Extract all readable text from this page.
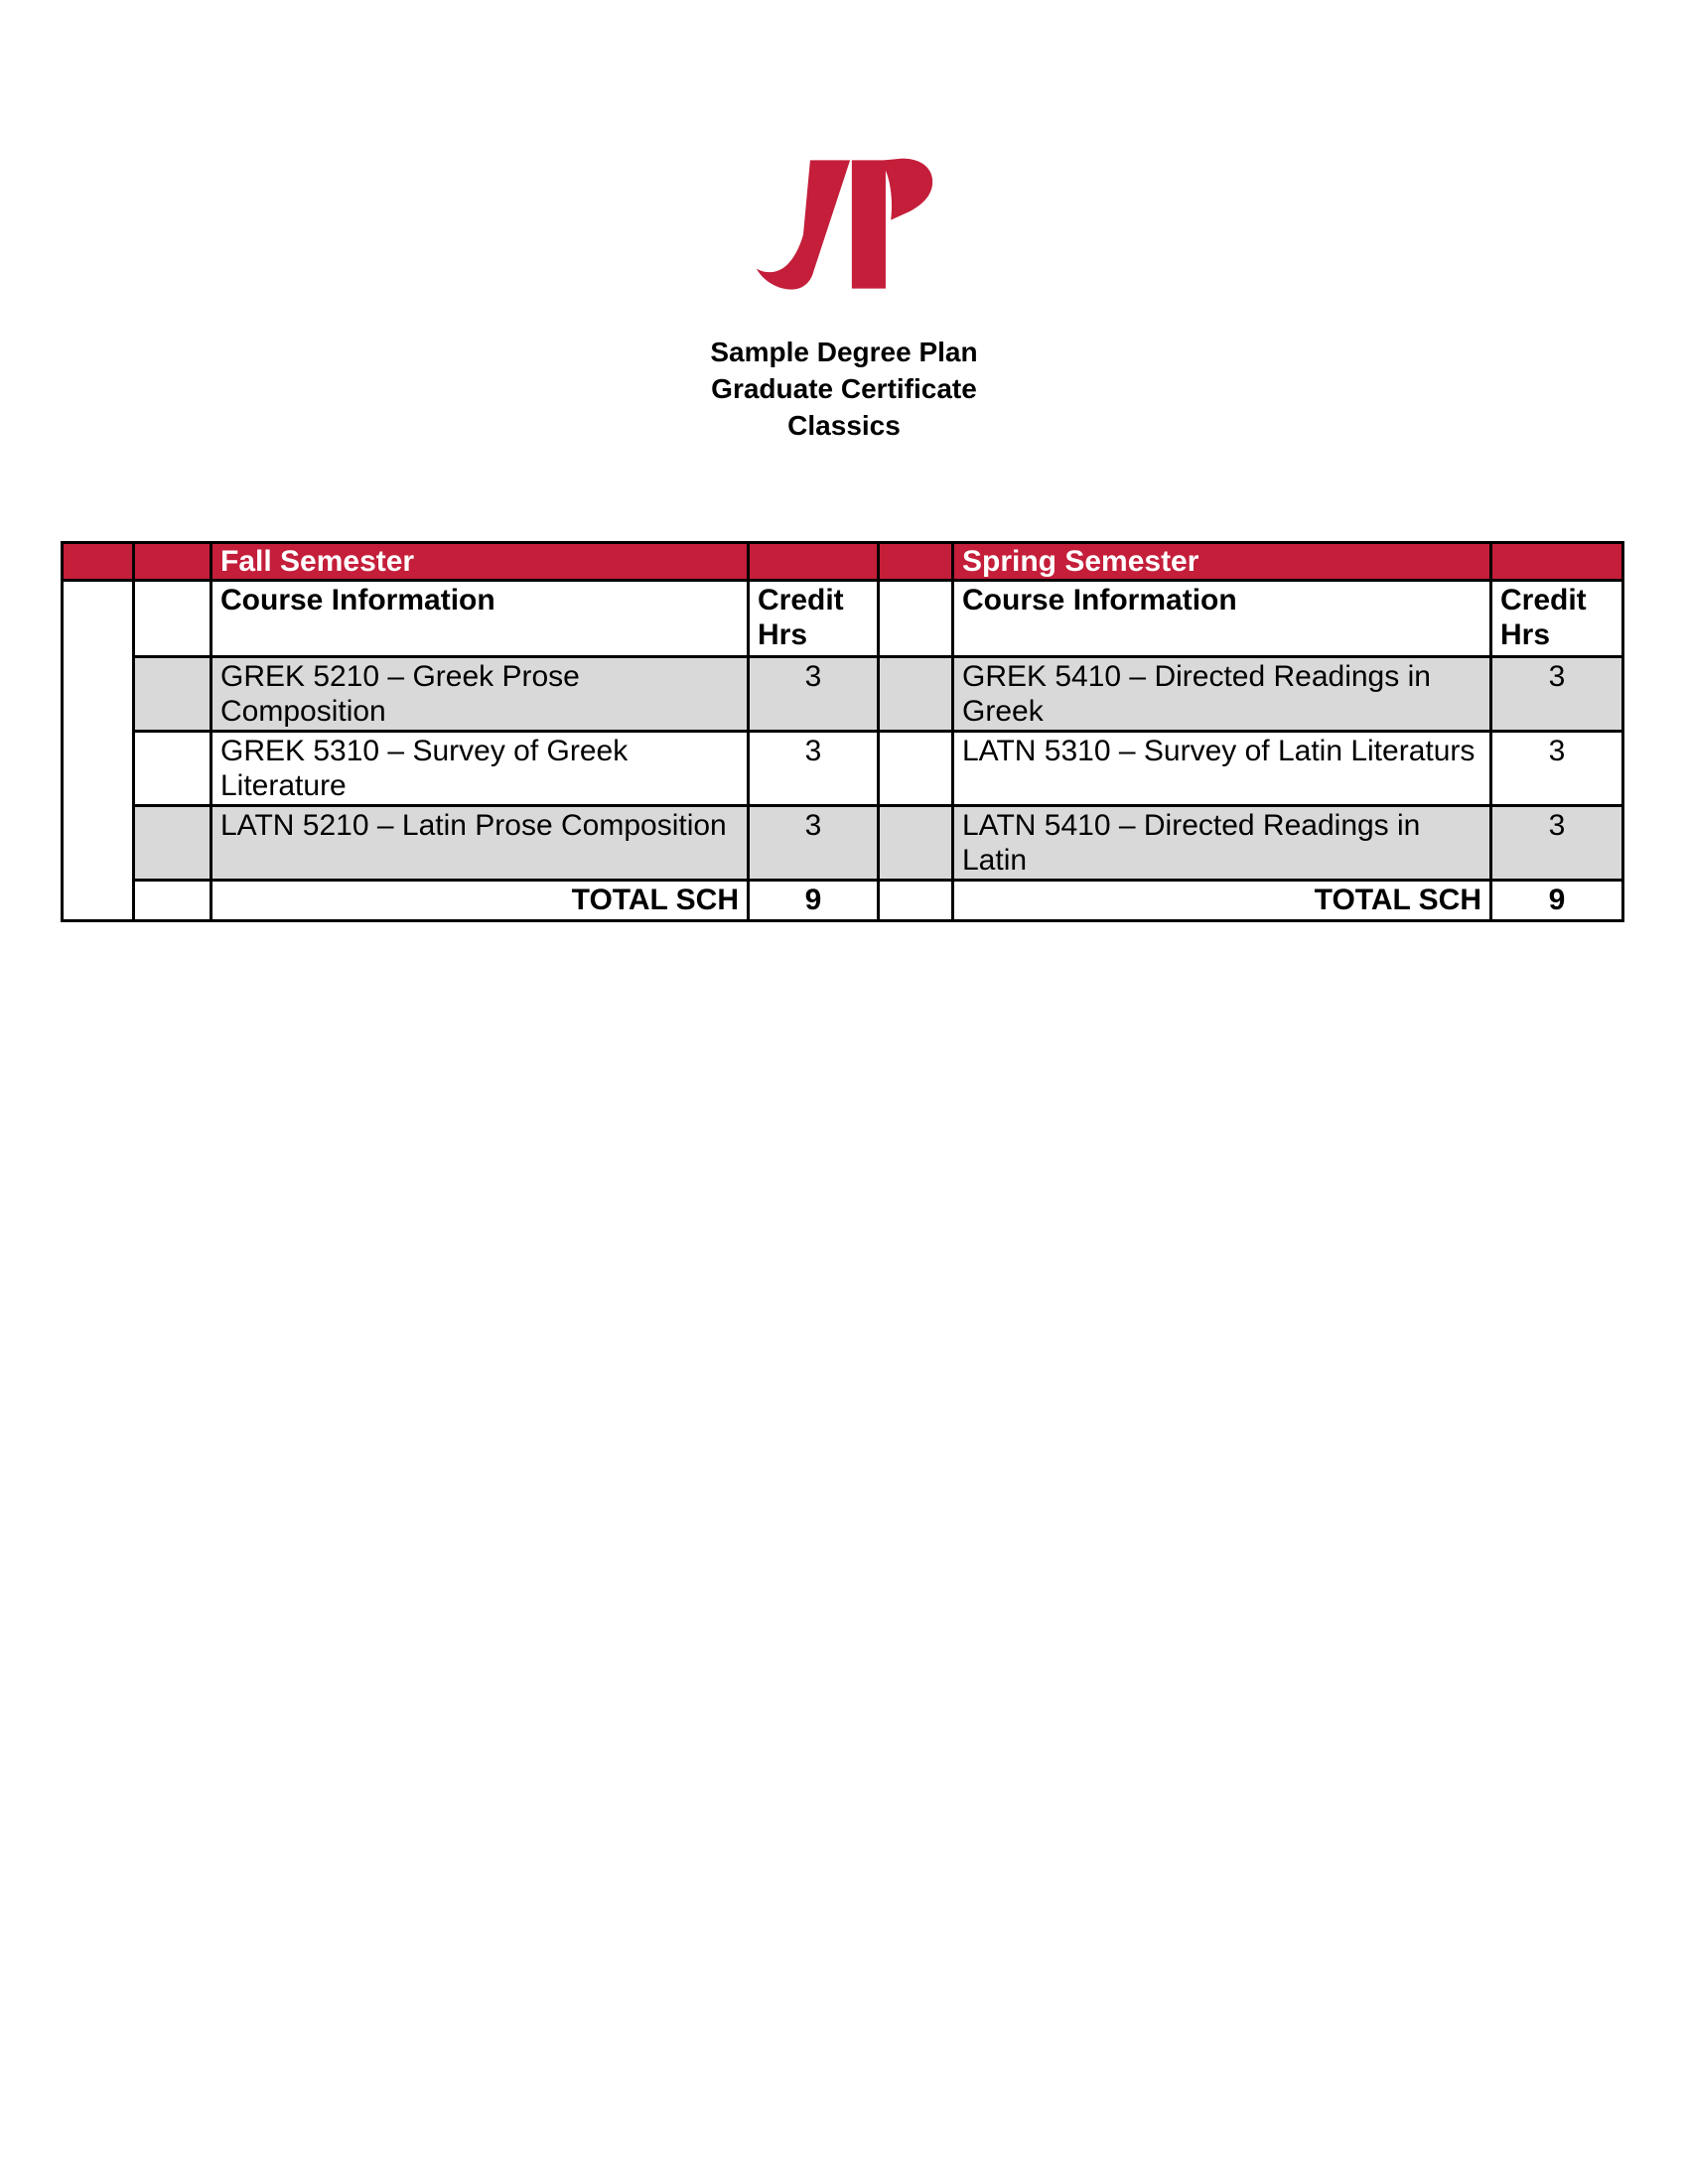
Sample Degree Plan
Graduate Certificate
Classics
		Fall Semester			Spring Semester	

First Year		Course Information	Credit Hrs		Course Information	Credit Hrs
		GREK 5210 – Greek Prose Composition	3		GREK 5410 – Directed Readings in Greek	3
		GREK 5310 – Survey of Greek Literature	3		LATN 5310 – Survey of Latin Literaturs	3
		LATN 5210 – Latin Prose Composition	3		LATN 5410 – Directed Readings in Latin	3
		TOTAL SCH	9		TOTAL SCH	9
